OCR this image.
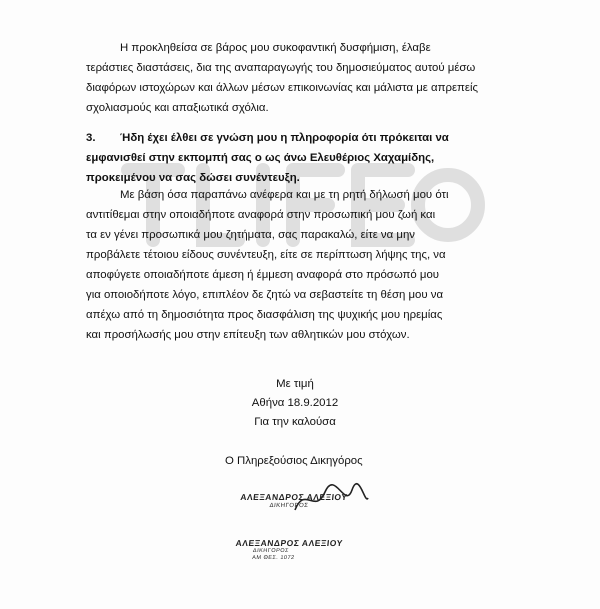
Η προκληθείσα σε βάρος μου συκοφαντική δυσφήμιση, έλαβε
τεράστιες διαστάσεις, δια της αναπαραγωγής του δημοσιεύματος αυτού μέσω
διαφόρων ιστοχώρων και άλλων μέσων επικοινωνίας και μάλιστα με απρεπείς
σχολιασμούς και απαξιωτικά σχόλια.
3. Ήδη έχει έλθει σε γνώση μου η πληροφορία ότι πρόκειται να
εμφανισθεί στην εκπομπή σας ο ως άνω Ελευθέριος Χαχαμίδης,
προκειμένου να σας δώσει συνέντευξη.
Με βάση όσα παραπάνω ανέφερα και με τη ρητή δήλωσή μου ότι
αντιτίθεμαι στην οποιαδήποτε αναφορά στην προσωπική μου ζωή και
τα εν γένει προσωπικά μου ζητήματα, σας παρακαλώ, είτε να μην
προβάλετε τέτοιου είδους συνέντευξη, είτε σε περίπτωση λήψης της, να
αποφύγετε οποιαδήποτε άμεση ή έμμεση αναφορά στο πρόσωπό μου
για οποιοδήποτε λόγο, επιπλέον δε ζητώ να σεβαστείτε τη θέση μου να
απέχω από τη δημοσιότητα προς διασφάλιση της ψυχικής μου ηρεμίας
και προσήλωσής μου στην επίτευξη των αθλητικών μου στόχων.
Με τιμή
Αθήνα 18.9.2012
Για την καλούσα
Ο Πληρεξούσιος Δικηγόρος
ΑΛΕΞΑΝΔΡΟΣ ΑΛΕΞΙΟΥ
ΔΙΚΗΓΟΡΟΣ
ΑΛΕΞΑΝΔΡΟΣ ΑΛΕΞΙΟΥ
ΔΙΚΗΓΟΡΟΣ
ΑΜ ΘΕΣ. 1072
